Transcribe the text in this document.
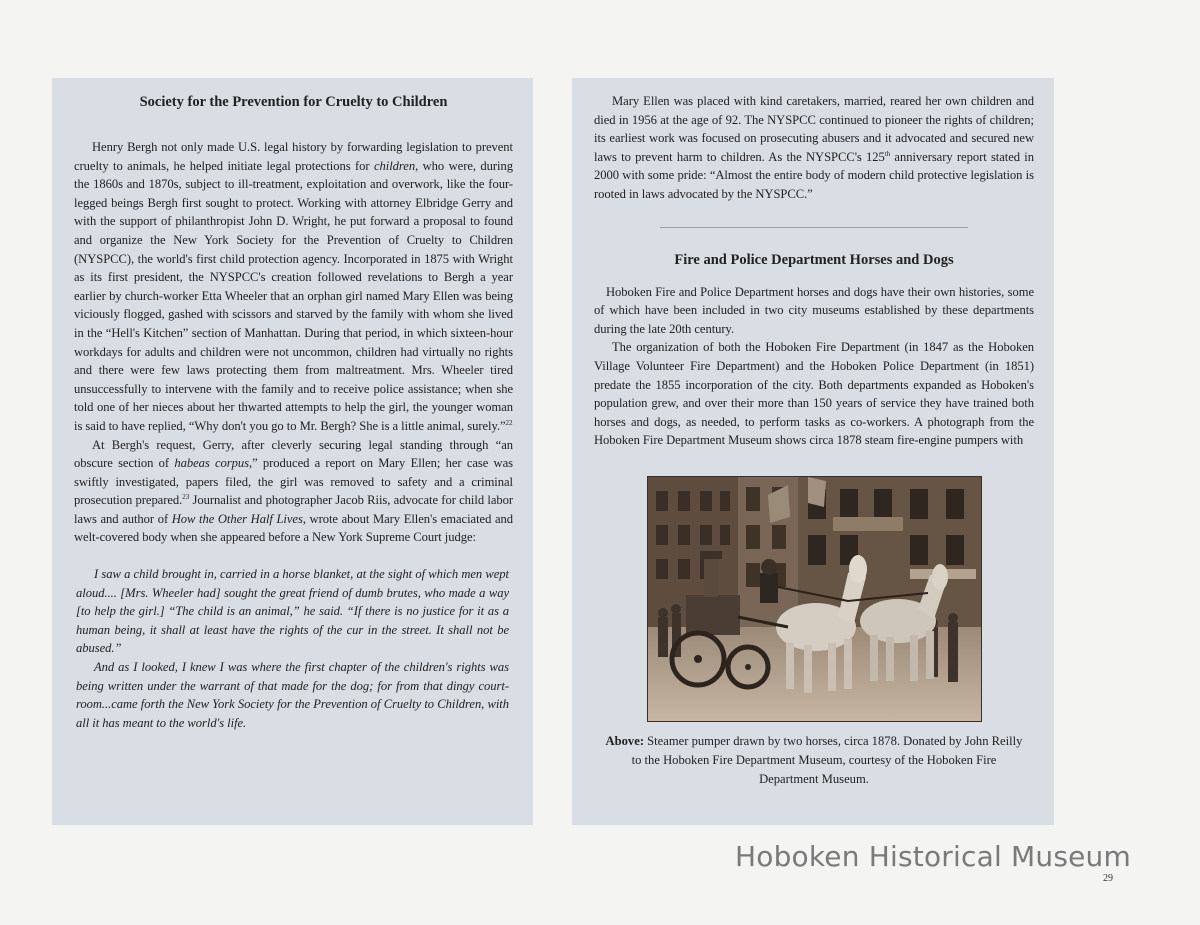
Society for the Prevention for Cruelty to Children

Henry Bergh not only made U.S. legal history by forwarding legislation to prevent cruelty to animals, he helped initiate legal protections for children, who were, during the 1860s and 1870s, subject to ill-treatment, exploitation and overwork, like the four-legged beings Bergh first sought to protect. Working with attorney Elbridge Gerry and with the support of philanthropist John D. Wright, he put forward a proposal to found and organize the New York Society for the Prevention of Cruelty to Children (NYSPCC), the world's first child protection agency. Incorporated in 1875 with Wright as its first president, the NYSPCC's creation followed revelations to Bergh a year earlier by church-worker Etta Wheeler that an orphan girl named Mary Ellen was being viciously flogged, gashed with scissors and starved by the family with whom she lived in the “Hell's Kitchen” section of Manhattan. During that period, in which sixteen-hour workdays for adults and children were not uncommon, children had virtually no rights and there were few laws protecting them from maltreatment. Mrs. Wheeler tired unsuccessfully to intervene with the family and to receive police assistance; when she told one of her nieces about her thwarted attempts to help the girl, the younger woman is said to have replied, “Why don't you go to Mr. Bergh? She is a little animal, surely.”$^{22}$

At Bergh's request, Gerry, after cleverly securing legal standing through “an obscure section of habeas corpus,” produced a report on Mary Ellen; her case was swiftly investigated, papers filed, the girl was removed to safety and a criminal prosecution prepared.$^{23}$ Journalist and photographer Jacob Riis, advocate for child labor laws and author of How the Other Half Lives, wrote about Mary Ellen's emaciated and welt-covered body when she appeared before a New York Supreme Court judge:

I saw a child brought in, carried in a horse blanket, at the sight of which men wept aloud.... [Mrs. Wheeler had] sought the great friend of dumb brutes, who made a way [to help the girl.] “The child is an animal,” he said. “If there is no justice for it as a human being, it shall at least have the rights of the cur in the street. It shall not be abused.”

And as I looked, I knew I was where the first chapter of the children's rights was being written under the warrant of that made for the dog; for from that dingy court-room...came forth the New York Society for the Prevention of Cruelty to Children, with all it has meant to the world's life.

Mary Ellen was placed with kind caretakers, married, reared her own children and died in 1956 at the age of 92. The NYSPCC continued to pioneer the rights of children; its earliest work was focused on prosecuting abusers and it advocated and secured new laws to prevent harm to children. As the NYSPCC's 125th anniversary report stated in 2000 with some pride: “Almost the entire body of modern child protective legislation is rooted in laws advocated by the NYSPCC.”

Fire and Police Department Horses and Dogs

Hoboken Fire and Police Department horses and dogs have their own histories, some of which have been included in two city museums established by these departments during the late 20th century.

The organization of both the Hoboken Fire Department (in 1847 as the Hoboken Village Volunteer Fire Department) and the Hoboken Police Department (in 1851) predate the 1855 incorporation of the city. Both departments expanded as Hoboken's population grew, and over their more than 150 years of service they have trained both horses and dogs, as needed, to perform tasks as co-workers. A photograph from the Hoboken Fire Department Museum shows circa 1878 steam fire-engine pumpers with

Above: Steamer pumper drawn by two horses, circa 1878. Donated by John Reilly to the Hoboken Fire Department Museum, courtesy of the Hoboken Fire Department Museum.
Hoboken Historical Museum
29
